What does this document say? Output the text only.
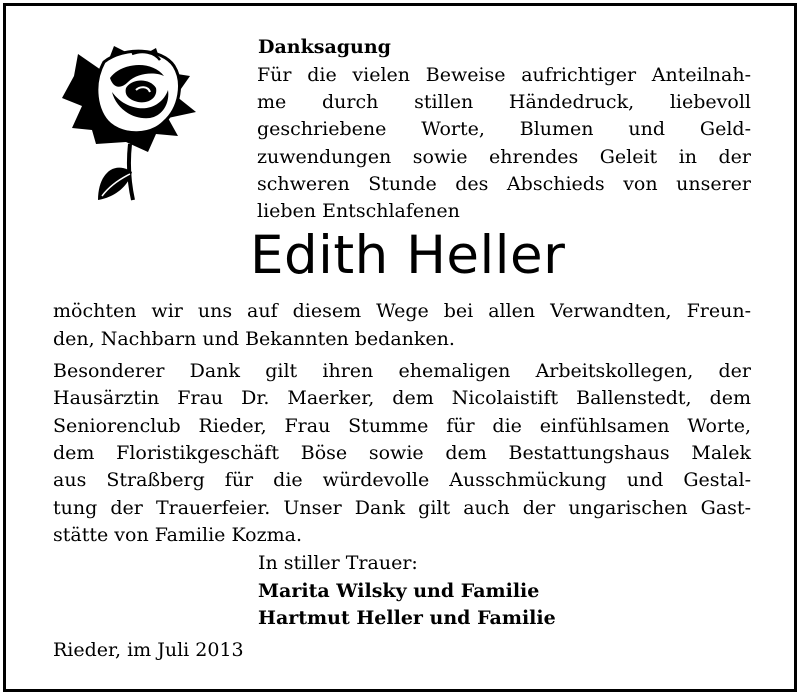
Danksagung
Für die vielen Beweise aufrichtiger Anteilnah-
me durch stillen Händedruck, liebevoll
geschriebene Worte, Blumen und Geld-
zuwendungen sowie ehrendes Geleit in der
schweren Stunde des Abschieds von unserer
lieben Entschlafenen
Edith Heller
möchten wir uns auf diesem Wege bei allen Verwandten, Freun-
den, Nachbarn und Bekannten bedanken.
Besonderer Dank gilt ihren ehemaligen Arbeitskollegen, der
Hausärztin Frau Dr. Maerker, dem Nicolaistift Ballenstedt, dem
Seniorenclub Rieder, Frau Stumme für die einfühlsamen Worte,
dem Floristikgeschäft Böse sowie dem Bestattungshaus Malek
aus Straßberg für die würdevolle Ausschmückung und Gestal-
tung der Trauerfeier. Unser Dank gilt auch der ungarischen Gast-
stätte von Familie Kozma.
In stiller Trauer:
Marita Wilsky und Familie
Hartmut Heller und Familie
Rieder, im Juli 2013
